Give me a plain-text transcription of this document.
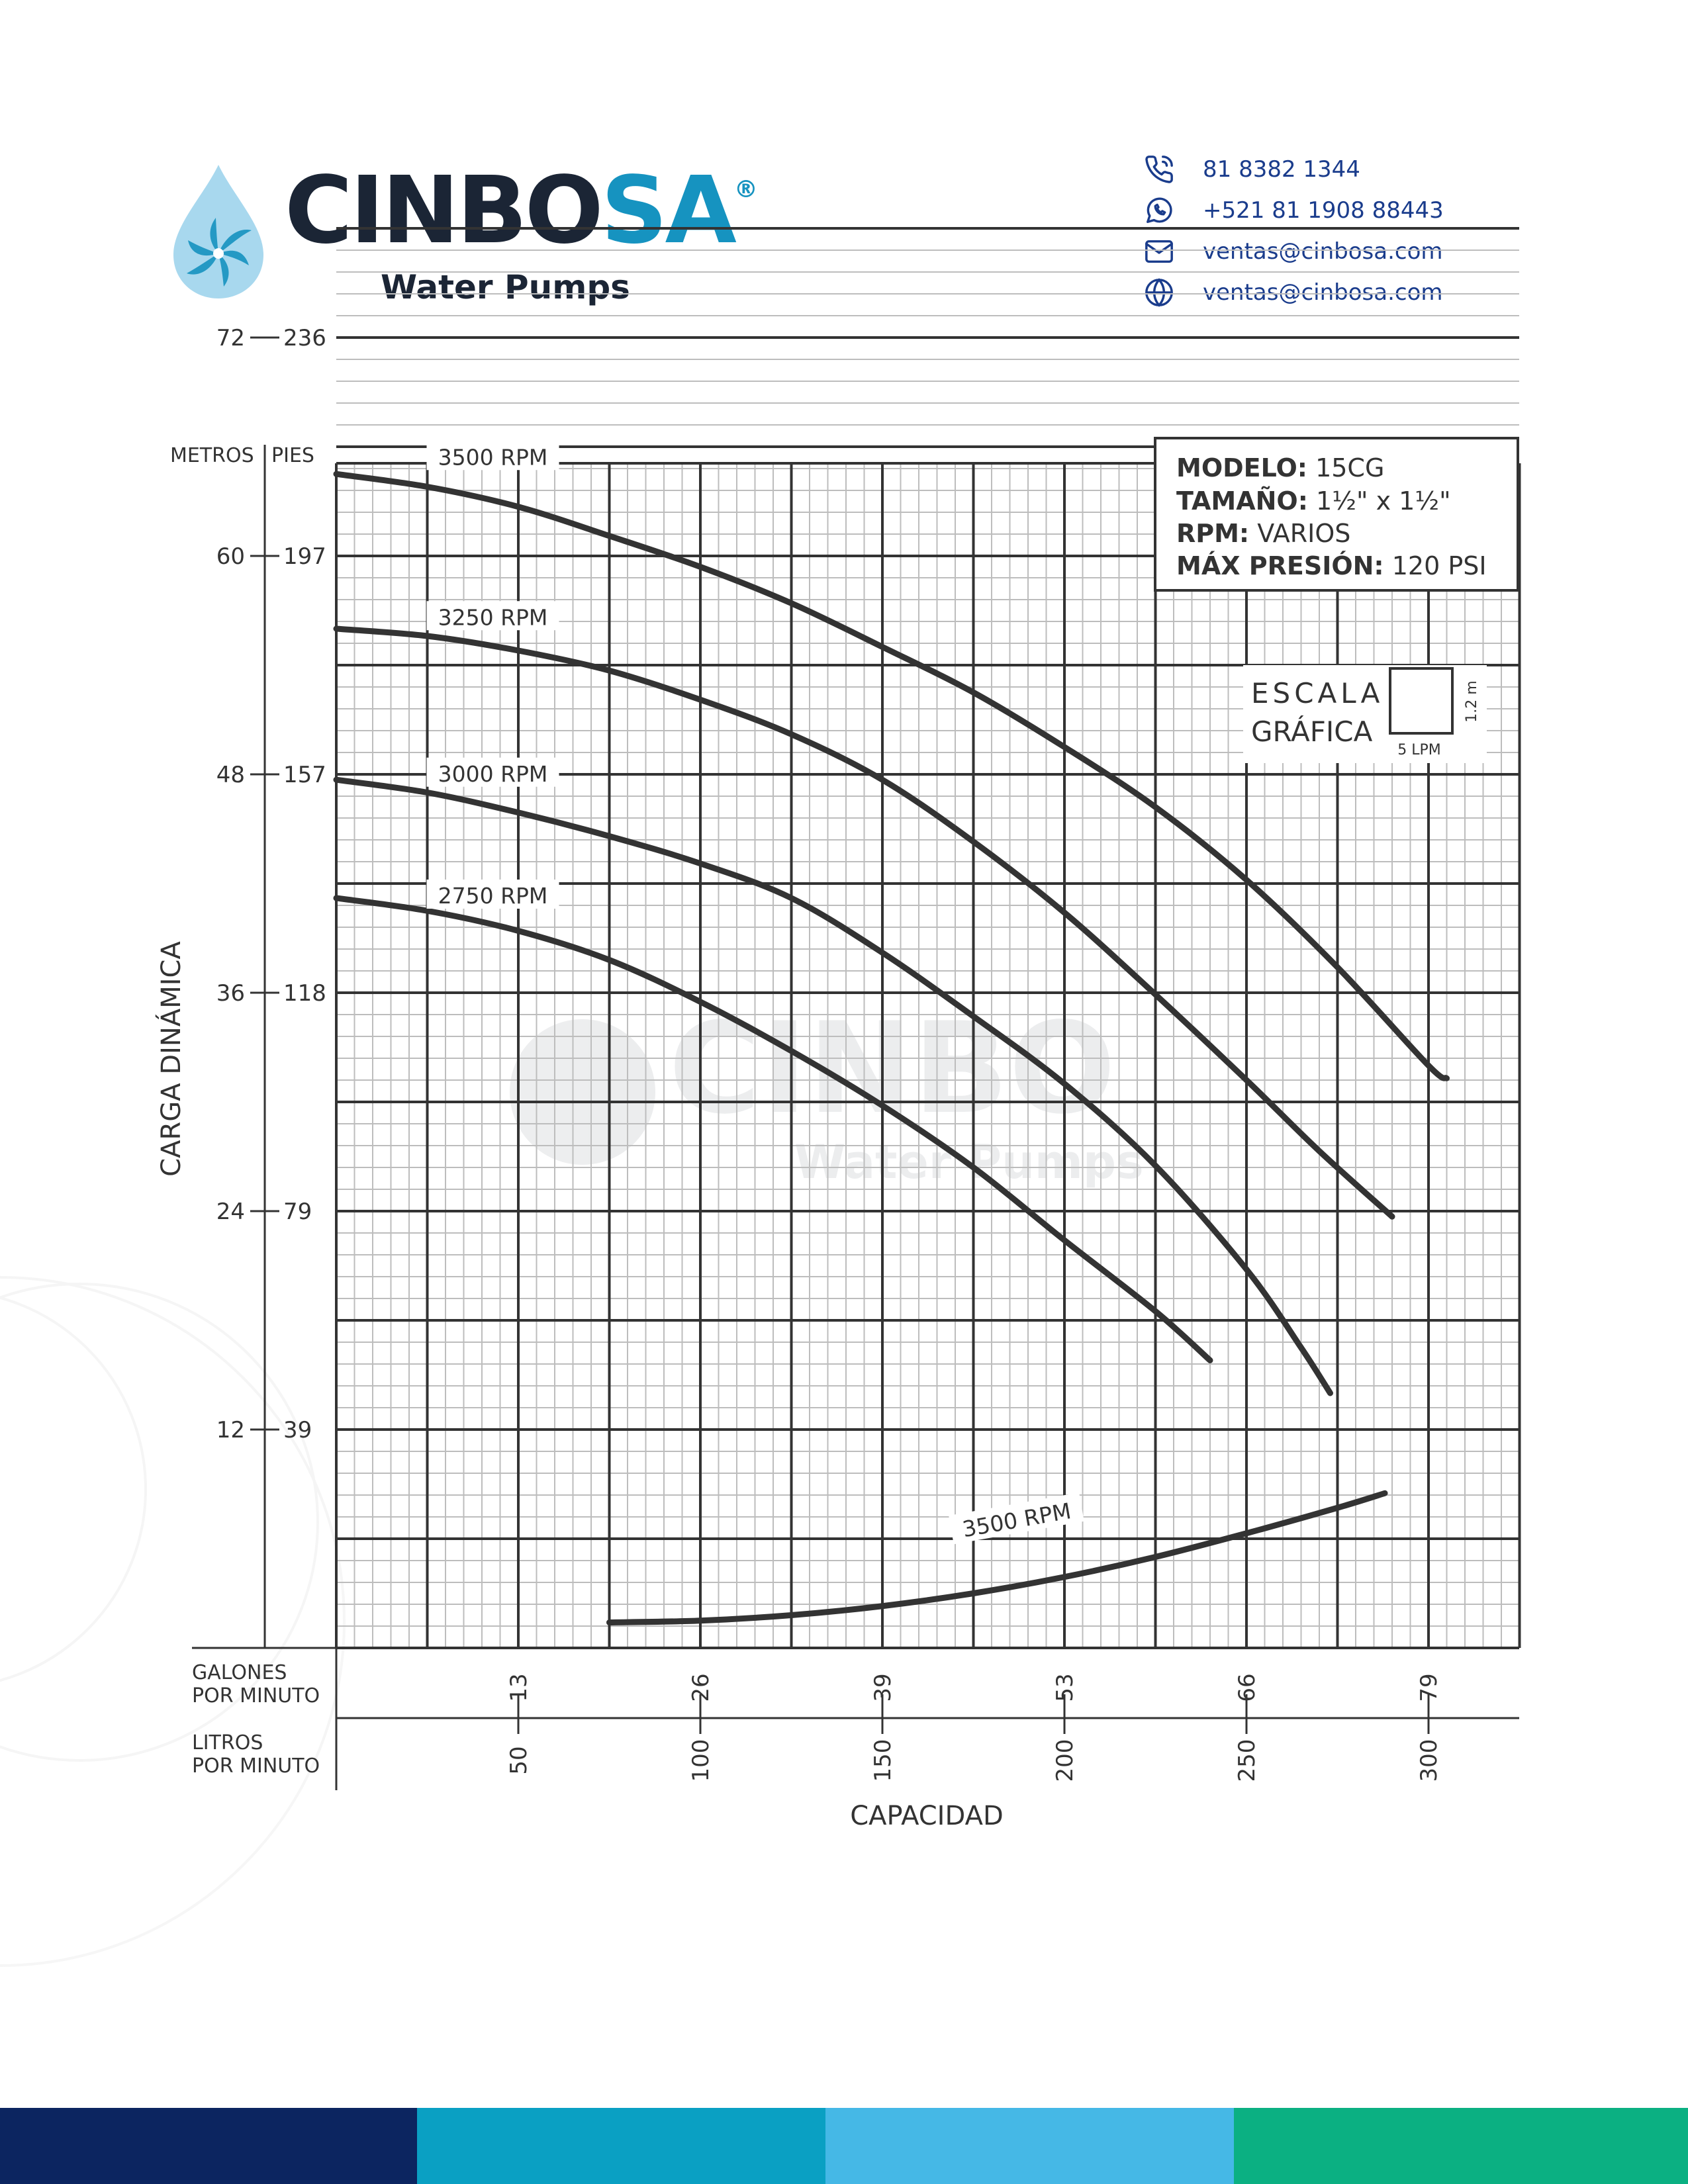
CINBOSA®
Water Pumps
81 8382 1344
+521 81 1908 88443
ventas@cinbosa.com
ventas@cinbosa.com
CINBO
Water Pumps
METROS PIES
CARGA DINÁMICA
12 39
24 79
36 118
48 157
60 197
72 236
GALONES
POR MINUTO
LITROS
POR MINUTO
13
50
26
100
39
150
53
200
66
250
79
300
CAPACIDAD
3500 RPM
3250 RPM
3000 RPM
2750 RPM
3500 RPM
MODELO: 15CG
TAMAÑO: 1½" x 1½"
RPM: VARIOS
MÁX PRESIÓN: 120 PSI
ESCALA
GRÁFICA
1.2 m
5 LPM
